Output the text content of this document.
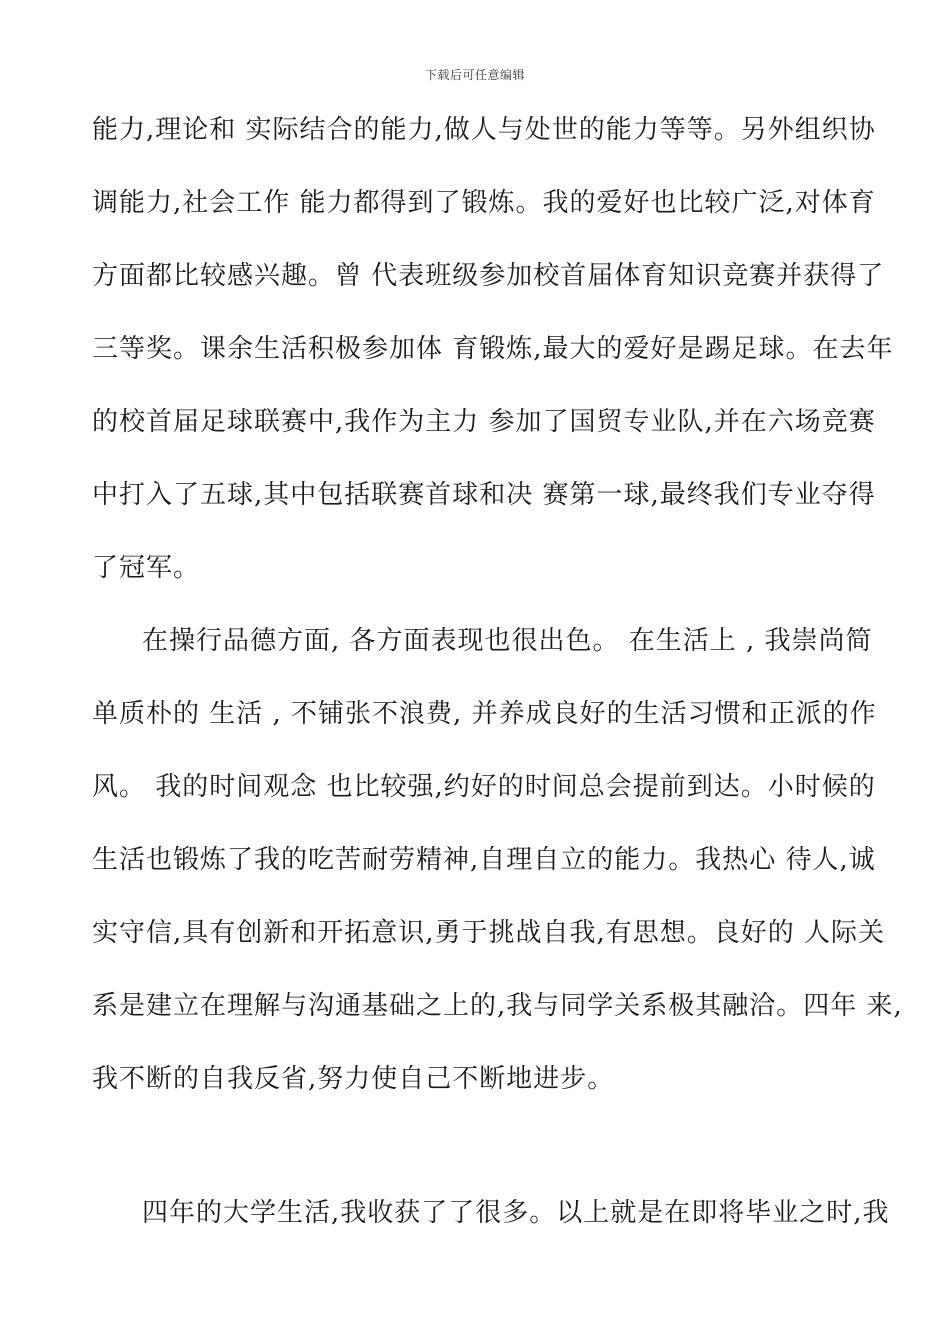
下载后可任意编辑
能力,理论和 实际结合的能力,做人与处世的能力等等。另外组织协
调能力,社会工作 能力都得到了锻炼。我的爱好也比较广泛,对体育
方面都比较感兴趣。曾 代表班级参加校首届体育知识竞赛并获得了
三等奖。课余生活积极参加体 育锻炼,最大的爱好是踢足球。在去年
的校首届足球联赛中,我作为主力 参加了国贸专业队,并在六场竞赛
中打入了五球,其中包括联赛首球和决 赛第一球,最终我们专业夺得
了冠军。
在操行品德方面, 各方面表现也很出色。 在生活上 , 我崇尚简
单质朴的 生活 , 不铺张不浪费, 并养成良好的生活习惯和正派的作
风。 我的时间观念 也比较强,约好的时间总会提前到达。小时候的
生活也锻炼了我的吃苦耐劳精神,自理自立的能力。我热心 待人,诚
实守信,具有创新和开拓意识,勇于挑战自我,有思想。良好的 人际关
系是建立在理解与沟通基础之上的,我与同学关系极其融洽。四年 来,
我不断的自我反省,努力使自己不断地进步。
四年的大学生活,我收获了了很多。以上就是在即将毕业之时,我
